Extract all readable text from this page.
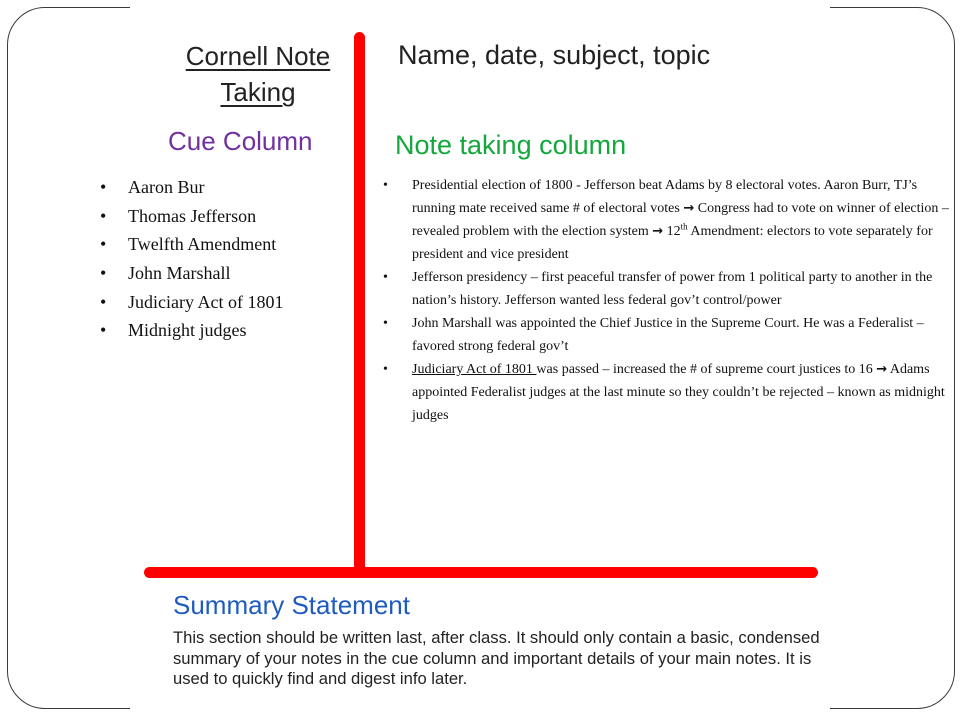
Cornell Note
Taking
Name, date, subject, topic
Cue Column	Note taking column
• Aaron Bur
• Thomas Jefferson
• Twelfth Amendment
• John Marshall
• Judiciary Act of 1801
• Midnight judges
• Presidential election of 1800 - Jefferson beat Adams by 8 electoral votes. Aaron Burr, TJ’s running mate received same # of electoral votes → Congress had to vote on winner of election – revealed problem with the election system → 12th Amendment: electors to vote separately for president and vice president
• Jefferson presidency – first peaceful transfer of power from 1 political party to another in the nation’s history. Jefferson wanted less federal gov’t control/power
• John Marshall was appointed the Chief Justice in the Supreme Court. He was a Federalist – favored strong federal gov’t
• Judiciary Act of 1801 was passed – increased the # of supreme court justices to 16 → Adams appointed Federalist judges at the last minute so they couldn’t be rejected – known as midnight judges
Summary Statement
This section should be written last, after class. It should only contain a basic, condensed summary of your notes in the cue column and important details of your main notes. It is used to quickly find and digest info later.
